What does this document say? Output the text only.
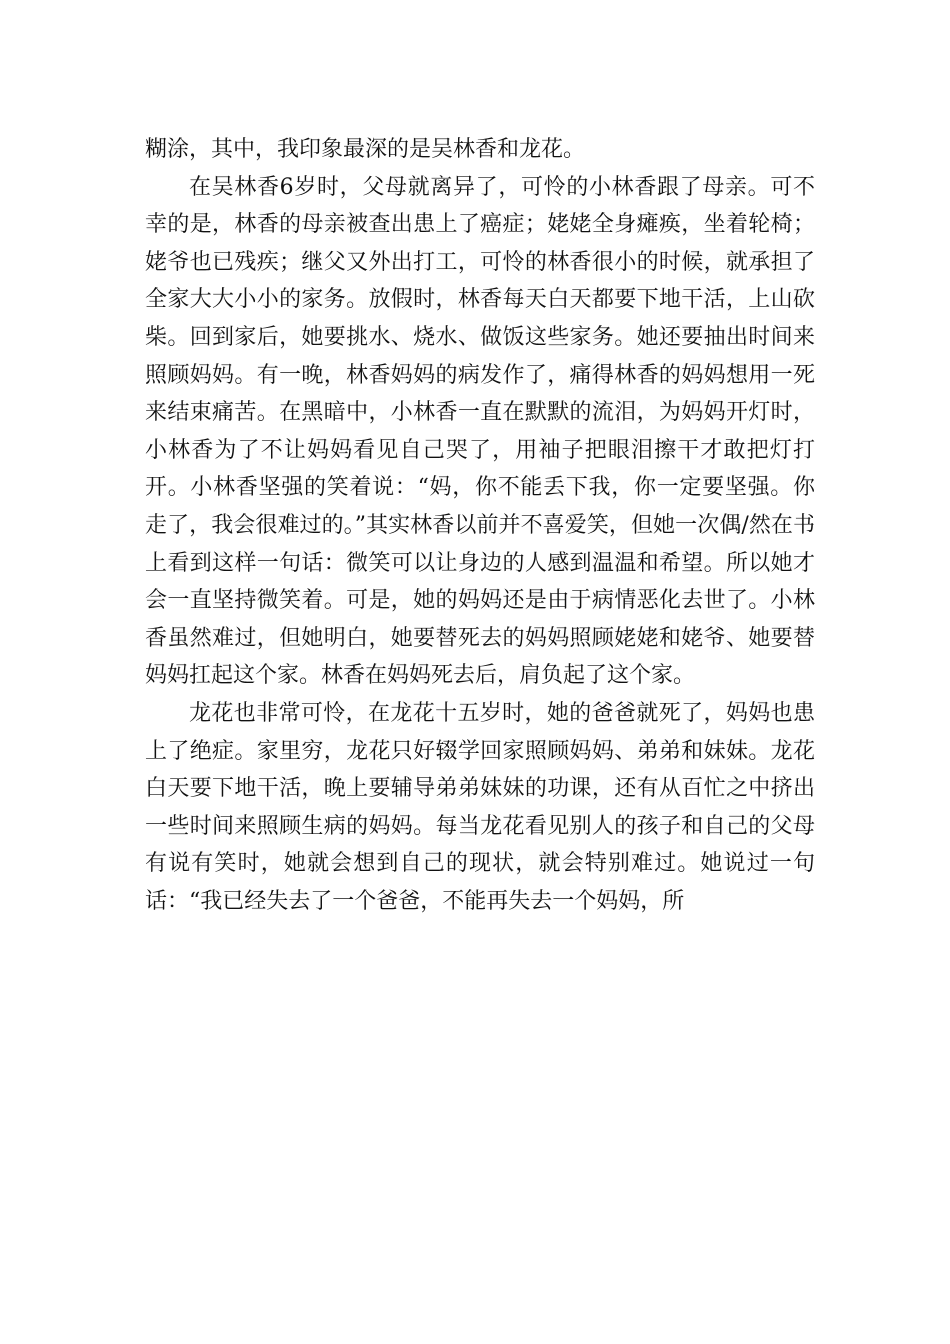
糊涂，其中，我印象最深的是吴林香和龙花。

在吴林香6岁时，父母就离异了，可怜的小林香跟了母亲。可不幸的是，林香的母亲被查出患上了癌症；姥姥全身瘫痪，坐着轮椅；姥爷也已残疾；继父又外出打工，可怜的林香很小的时候，就承担了全家大大小小的家务。放假时，林香每天白天都要下地干活，上山砍柴。回到家后，她要挑水、烧水、做饭这些家务。她还要抽出时间来照顾妈妈。有一晚，林香妈妈的病发作了，痛得林香的妈妈想用一死来结束痛苦。在黑暗中，小林香一直在默默的流泪，为妈妈开灯时，小林香为了不让妈妈看见自己哭了，用袖子把眼泪擦干才敢把灯打开。小林香坚强的笑着说：“妈，你不能丢下我，你一定要坚强。你走了，我会很难过的。”其实林香以前并不喜爱笑，但她一次偶/然在书上看到这样一句话：微笑可以让身边的人感到温温和希望。所以她才会一直坚持微笑着。可是，她的妈妈还是由于病情恶化去世了。小林香虽然难过，但她明白，她要替死去的妈妈照顾姥姥和姥爷、她要替妈妈扛起这个家。林香在妈妈死去后，肩负起了这个家。

龙花也非常可怜，在龙花十五岁时，她的爸爸就死了，妈妈也患上了绝症。家里穷，龙花只好辍学回家照顾妈妈、弟弟和妹妹。龙花白天要下地干活，晚上要辅导弟弟妹妹的功课，还有从百忙之中挤出一些时间来照顾生病的妈妈。每当龙花看见别人的孩子和自己的父母有说有笑时，她就会想到自己的现状，就会特别难过。她说过一句话：“我已经失去了一个爸爸，不能再失去一个妈妈，所
